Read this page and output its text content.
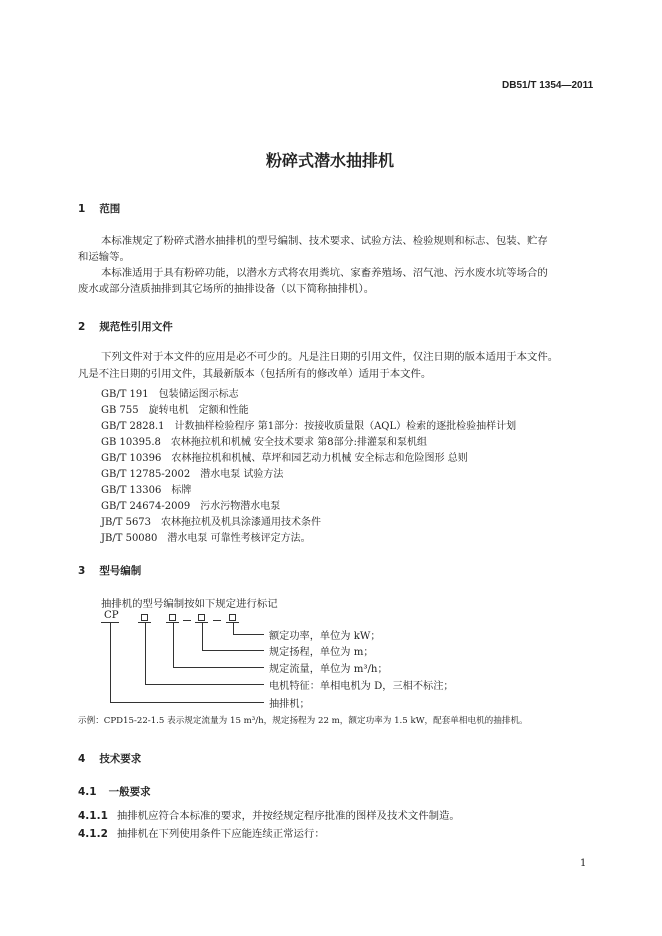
DB51/T 1354—2011
粉碎式潜水抽排机
1 范围
本标准规定了粉碎式潜水抽排机的型号编制、技术要求、试验方法、检验规则和标志、包装、贮存
和运输等。
本标准适用于具有粉碎功能，以潜水方式将农用粪坑、家畜养殖场、沼气池、污水废水坑等场合的
废水或部分渣质抽排到其它场所的抽排设备（以下简称抽排机）。
2 规范性引用文件
下列文件对于本文件的应用是必不可少的。凡是注日期的引用文件，仅注日期的版本适用于本文件。
凡是不注日期的引用文件，其最新版本（包括所有的修改单）适用于本文件。
GB/T 191　包装储运图示标志
GB 755　旋转电机　定额和性能
GB/T 2828.1　计数抽样检验程序 第1部分：按接收质量限（AQL）检索的逐批检验抽样计划
GB 10395.8　农林拖拉机和机械 安全技术要求 第8部分:排灌泵和泵机组
GB/T 10396　农林拖拉机和机械、草坪和园艺动力机械 安全标志和危险图形 总则
GB/T 12785-2002　潜水电泵 试验方法
GB/T 13306　标牌
GB/T 24674-2009　污水污物潜水电泵
JB/T 5673　农林拖拉机及机具涂漆通用技术条件
JB/T 50080　潜水电泵 可靠性考核评定方法。
3 型号编制
抽排机的型号编制按如下规定进行标记
CP
额定功率，单位为 kW；
规定扬程，单位为 m；
规定流量，单位为 m³/h；
电机特征：单相电机为 D，三相不标注；
抽排机；
示例：CPD15-22-1.5 表示规定流量为 15 m³/h，规定扬程为 22 m，额定功率为 1.5 kW，配套单相电机的抽排机。
4 技术要求
4.1 一般要求
4.1.1 抽排机应符合本标准的要求，并按经规定程序批准的图样及技术文件制造。
4.1.2 抽排机在下列使用条件下应能连续正常运行：
1
